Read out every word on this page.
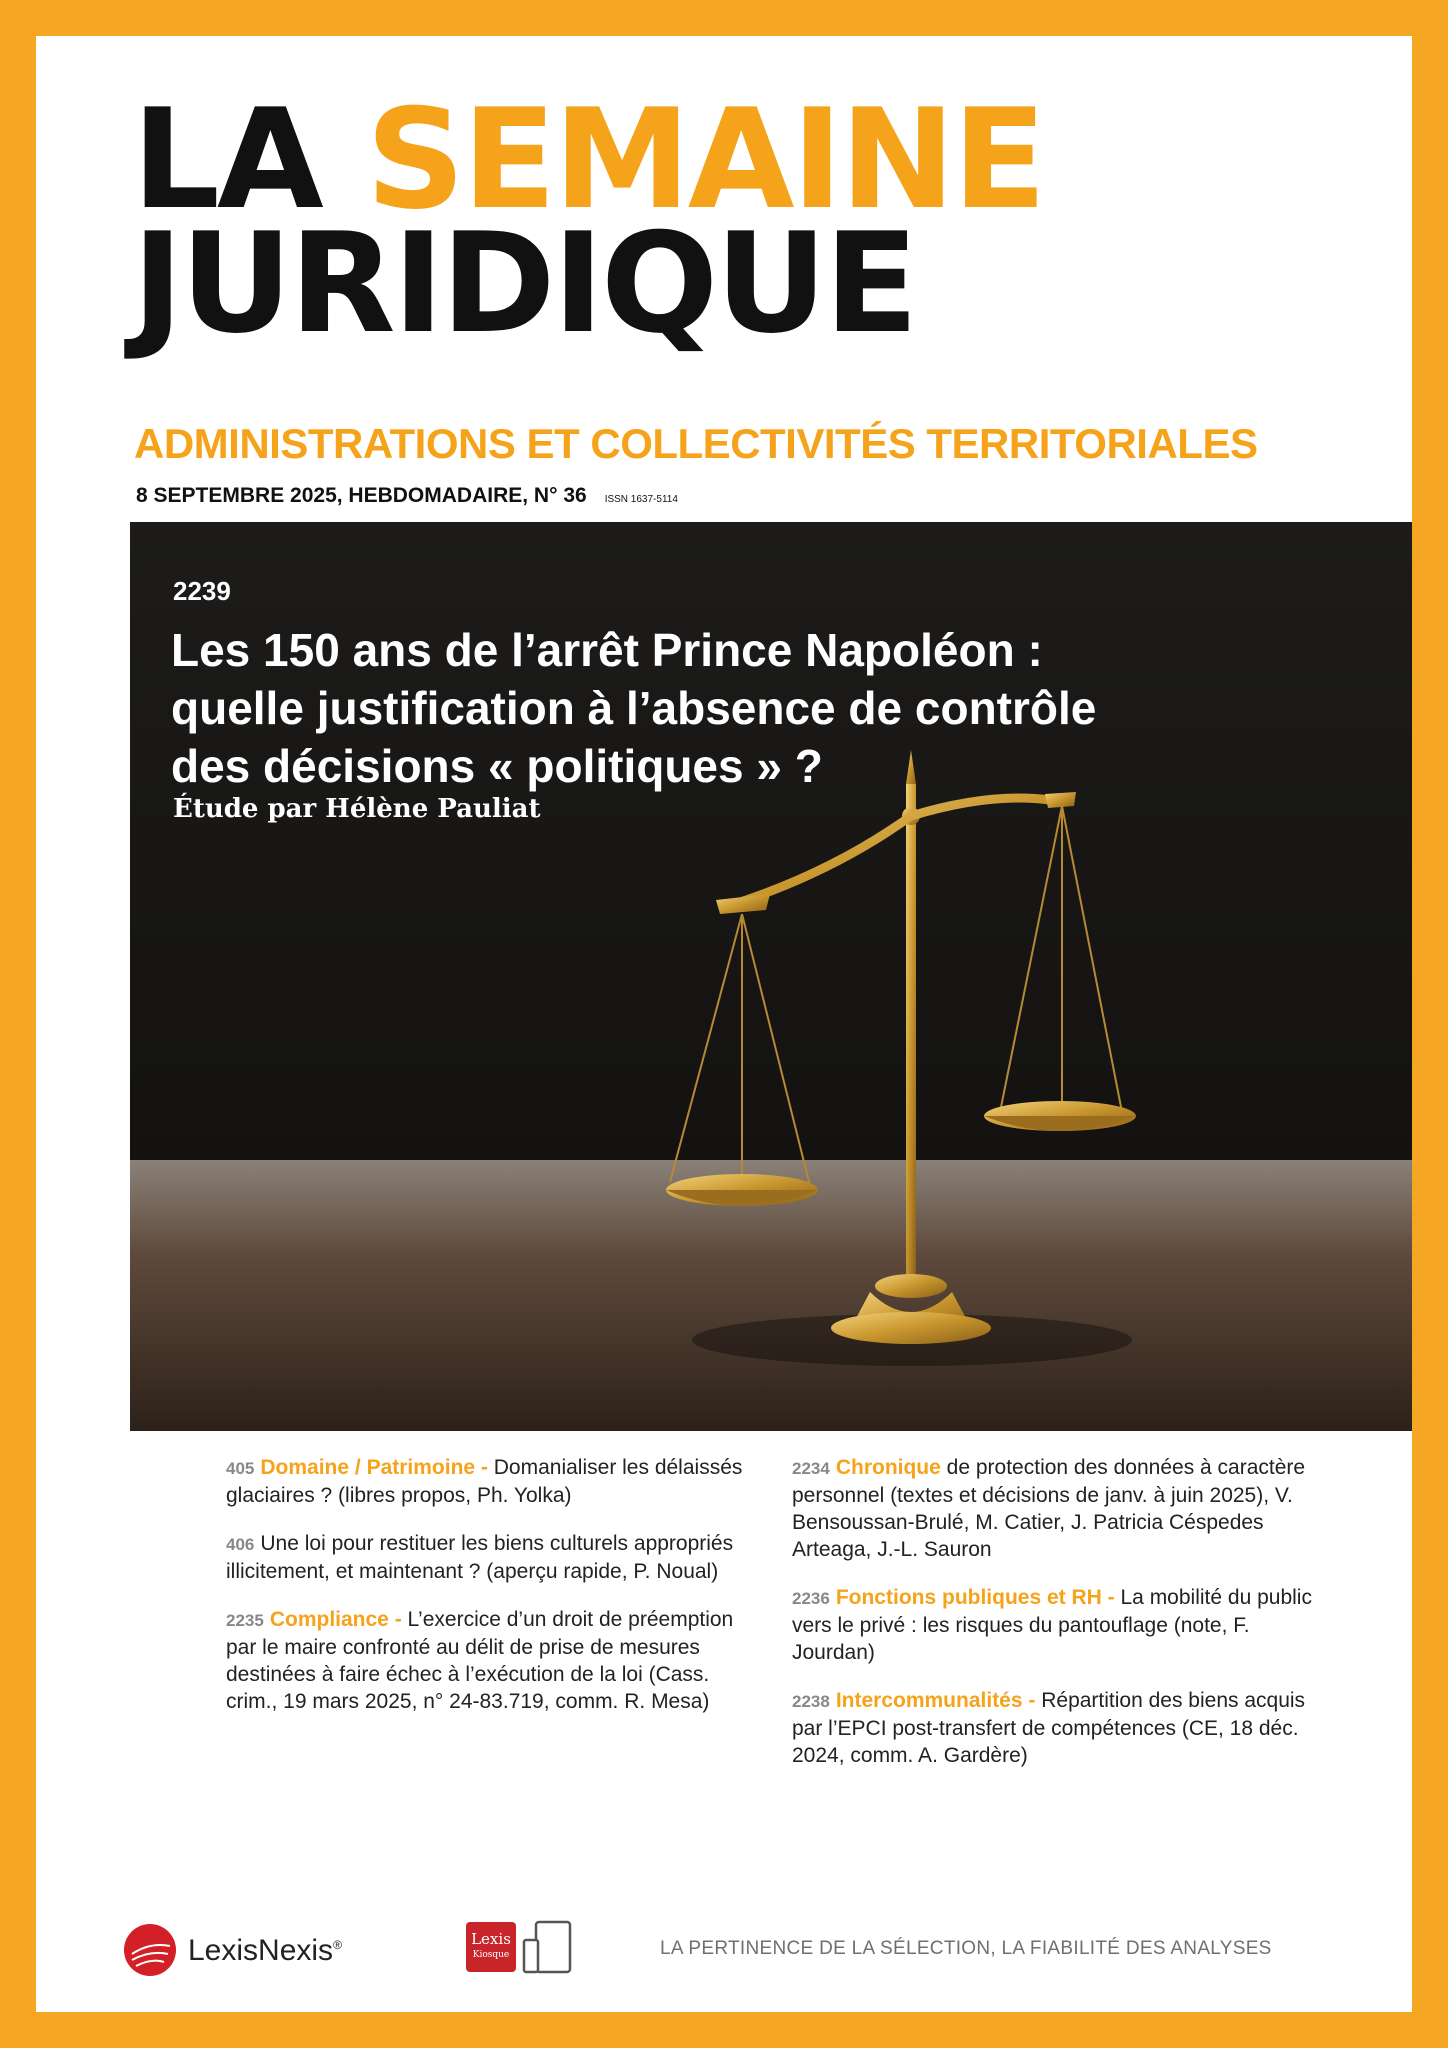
LA SEMAINE
JURIDIQUE
ADMINISTRATIONS ET COLLECTIVITÉS TERRITORIALES
8 SEPTEMBRE 2025, HEBDOMADAIRE, N° 36 ISSN 1637-5114
2239
Les 150 ans de l’arrêt Prince Napoléon :
quelle justification à l’absence de contrôle
des décisions « politiques » ?
Étude par Hélène Pauliat
405 Domaine / Patrimoine - Domanialiser les délaissés glaciaires ? (libres propos, Ph. Yolka)
406 Une loi pour restituer les biens culturels appropriés illicitement, et maintenant ? (aperçu rapide, P. Noual)
2235 Compliance - L’exercice d’un droit de préemption par le maire confronté au délit de prise de mesures destinées à faire échec à l’exécution de la loi (Cass. crim., 19 mars 2025, n° 24-83.719, comm. R. Mesa)
2234 Chronique de protection des données à caractère personnel (textes et décisions de janv. à juin 2025), V. Bensoussan-Brulé, M. Catier, J. Patricia Céspedes Arteaga, J.-L. Sauron
2236 Fonctions publiques et RH - La mobilité du public vers le privé : les risques du pantouflage (note, F. Jourdan)
2238 Intercommunalités - Répartition des biens acquis par l’EPCI post-transfert de compétences (CE, 18 déc. 2024, comm. A. Gardère)
LexisNexis®	Lexis
Kiosque	LA PERTINENCE DE LA SÉLECTION, LA FIABILITÉ DES ANALYSES
